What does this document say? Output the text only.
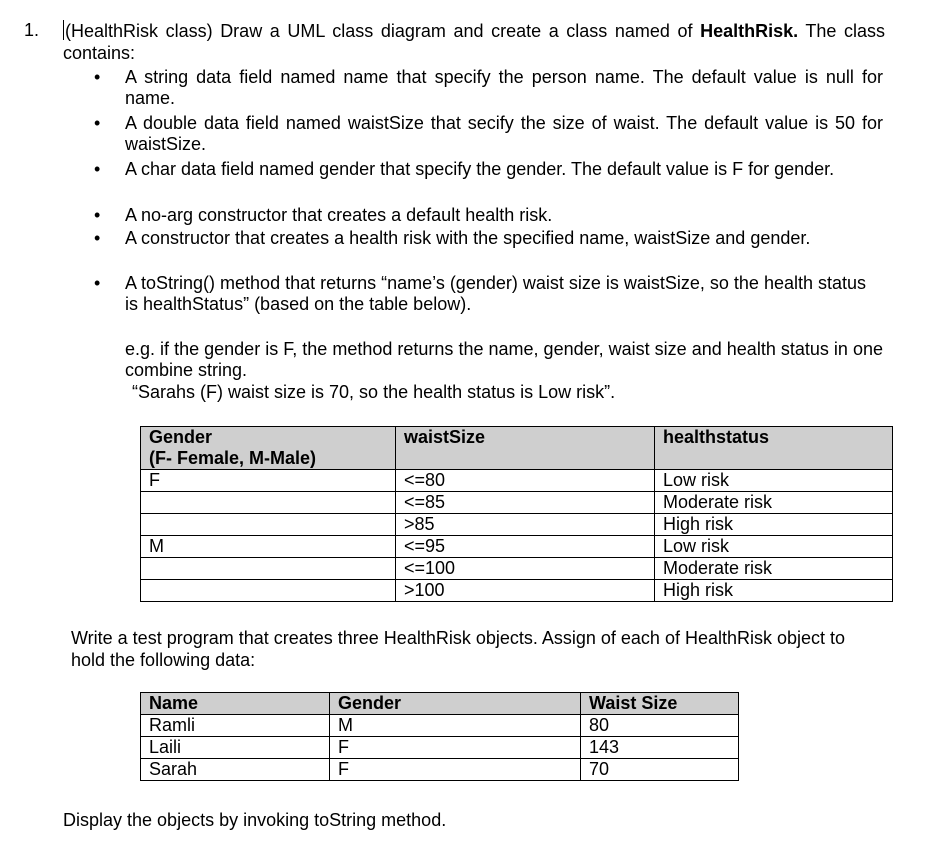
1. (HealthRisk class) Draw a UML class diagram and create a class named of HealthRisk. The class contains:
• A string data field named name that specify the person name. The default value is null for name.
• A double data field named waistSize that secify the size of waist. The default value is 50 for waistSize.
• A char data field named gender that specify the gender. The default value is F for gender.
• A no-arg constructor that creates a default health risk.
• A constructor that creates a health risk with the specified name, waistSize and gender.
• A toString() method that returns “name’s (gender) waist size is waistSize, so the health status is healthStatus” (based on the table below).
e.g. if the gender is F, the method returns the name, gender, waist size and health status in one combine string.
“Sarahs (F) waist size is 70, so the health status is Low risk”.
Gender
(F- Female, M-Male)	waistSize	healthstatus
F	<=80	Low risk
	<=85	Moderate risk
	>85	High risk
M	<=95	Low risk
	<=100	Moderate risk
	>100	High risk
Write a test program that creates three HealthRisk objects. Assign of each of HealthRisk object to hold the following data:
Name	Gender	Waist Size
Ramli	M	80
Laili	F	143
Sarah	F	70
Display the objects by invoking toString method.
